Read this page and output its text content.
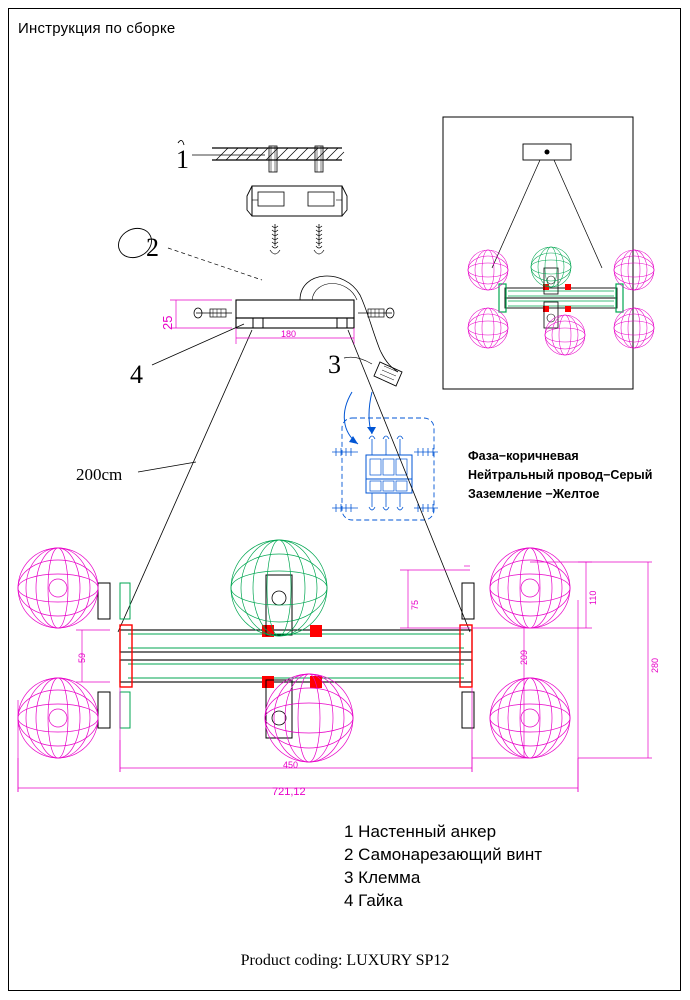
Инструкция по сборке
1
2
3
4
200cm
180
25
450
721,12
75	110
59	209
280
Фаза−коричневая
Нейтральный провод−Серый
Заземление −Желтое
1 Настенный анкер
2 Самонарезающий винт
3 Клемма
4 Гайка
Product coding: LUXURY SP12
